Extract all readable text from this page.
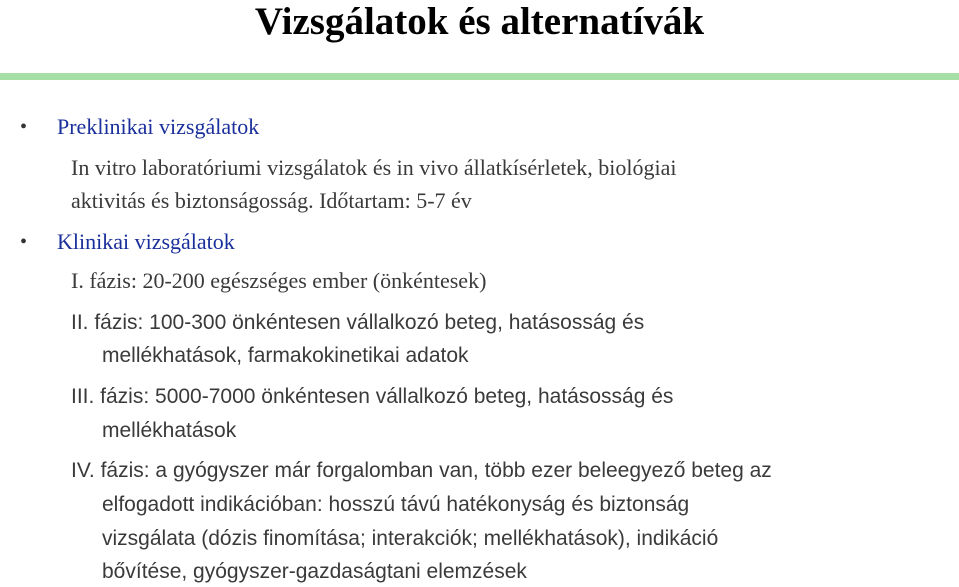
Vizsgálatok és alternatívák
• Preklinikai vizsgálatok
In vitro laboratóriumi vizsgálatok és in vivo állatkísérletek, biológiai
aktivitás és biztonságosság. Időtartam: 5-7 év
• Klinikai vizsgálatok
I. fázis: 20-200 egészséges ember (önkéntesek)
II. fázis: 100-300 önkéntesen vállalkozó beteg, hatásosság és
mellékhatások, farmakokinetikai adatok
III. fázis: 5000-7000 önkéntesen vállalkozó beteg, hatásosság és
mellékhatások
IV. fázis: a gyógyszer már forgalomban van, több ezer beleegyező beteg az
elfogadott indikációban: hosszú távú hatékonyság és biztonság
vizsgálata (dózis finomítása; interakciók; mellékhatások), indikáció
bővítése, gyógyszer-gazdaságtani elemzések
